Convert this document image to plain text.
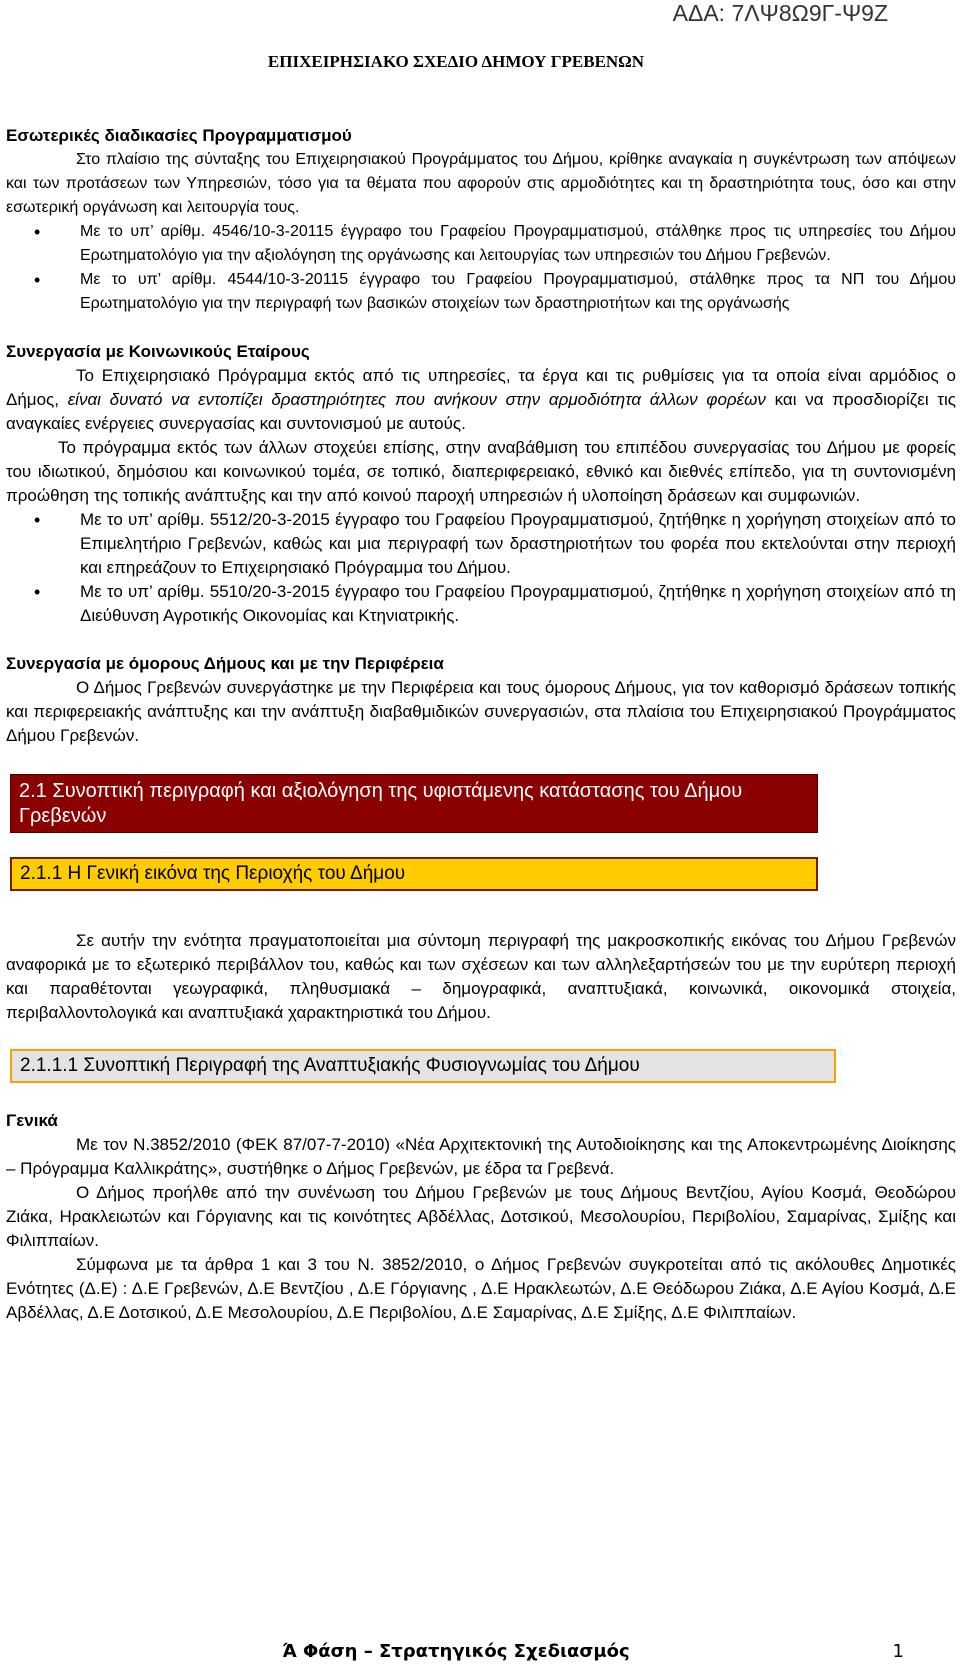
ΑΔΑ: 7ΛΨ8Ω9Γ-Ψ9Ζ
ΕΠΙΧΕΙΡΗΣΙΑΚΟ ΣΧΕΔΙΟ ΔΗΜΟΥ ΓΡΕΒΕΝΩΝ
Εσωτερικές διαδικασίες Προγραμματισμού

Στο πλαίσιο της σύνταξης του Επιχειρησιακού Προγράμματος του Δήμου, κρίθηκε αναγκαία η συγκέντρωση των απόψεων και των προτάσεων των Υπηρεσιών, τόσο για τα θέματα που αφορούν στις αρμοδιότητες και τη δραστηριότητα τους, όσο και στην εσωτερική οργάνωση και λειτουργία τους.

• Με το υπ’ αρίθμ. 4546/10-3-20115 έγγραφο του Γραφείου Προγραμματισμού, στάλθηκε προς τις υπηρεσίες του Δήμου Ερωτηματολόγιο για την αξιολόγηση της οργάνωσης και λειτουργίας των υπηρεσιών του Δήμου Γρεβενών.
• Με το υπ’ αρίθμ. 4544/10-3-20115 έγγραφο του Γραφείου Προγραμματισμού, στάλθηκε προς τα ΝΠ του Δήμου Ερωτηματολόγιο για την περιγραφή των βασικών στοιχείων των δραστηριοτήτων και της οργάνωσής
Συνεργασία με Κοινωνικούς Εταίρους

Το Επιχειρησιακό Πρόγραμμα εκτός από τις υπηρεσίες, τα έργα και τις ρυθμίσεις για τα οποία είναι αρμόδιος ο Δήμος, είναι δυνατό να εντοπίζει δραστηριότητες που ανήκουν στην αρμοδιότητα άλλων φορέων και να προσδιορίζει τις αναγκαίες ενέργειες συνεργασίας και συντονισμού με αυτούς.

Το πρόγραμμα εκτός των άλλων στοχεύει επίσης, στην αναβάθμιση του επιπέδου συνεργασίας του Δήμου με φορείς του ιδιωτικού, δημόσιου και κοινωνικού τομέα, σε τοπικό, διαπεριφερειακό, εθνικό και διεθνές επίπεδο, για τη συντονισμένη προώθηση της τοπικής ανάπτυξης και την από κοινού παροχή υπηρεσιών ή υλοποίηση δράσεων και συμφωνιών.

• Με το υπ’ αρίθμ. 5512/20-3-2015 έγγραφο του Γραφείου Προγραμματισμού, ζητήθηκε η χορήγηση στοιχείων από το Επιμελητήριο Γρεβενών, καθώς και μια περιγραφή των δραστηριοτήτων του φορέα που εκτελούνται στην περιοχή και επηρεάζουν το Επιχειρησιακό Πρόγραμμα του Δήμου.
• Με το υπ’ αρίθμ. 5510/20-3-2015 έγγραφο του Γραφείου Προγραμματισμού, ζητήθηκε η χορήγηση στοιχείων από τη Διεύθυνση Αγροτικής Οικονομίας και Κτηνιατρικής.
Συνεργασία με όμορους Δήμους και με την Περιφέρεια

Ο Δήμος Γρεβενών συνεργάστηκε με την Περιφέρεια και τους όμορους Δήμους, για τον καθορισμό δράσεων τοπικής και περιφερειακής ανάπτυξης και την ανάπτυξη διαβαθμιδικών συνεργασιών, στα πλαίσια του Επιχειρησιακού Προγράμματος Δήμου Γρεβενών.

2.1 Συνοπτική περιγραφή και αξιολόγηση της υφιστάμενης κατάστασης του Δήμου Γρεβενών
2.1.1 Η Γενική εικόνα της Περιοχής του Δήμου

Σε αυτήν την ενότητα πραγματοποιείται μια σύντομη περιγραφή της μακροσκοπικής εικόνας του Δήμου Γρεβενών αναφορικά με το εξωτερικό περιβάλλον του, καθώς και των σχέσεων και των αλληλεξαρτήσεών του με την ευρύτερη περιοχή και παραθέτονται γεωγραφικά, πληθυσμιακά – δημογραφικά, αναπτυξιακά, κοινωνικά, οικονομικά στοιχεία, περιβαλλοντολογικά και αναπτυξιακά χαρακτηριστικά του Δήμου.

2.1.1.1 Συνοπτική Περιγραφή της Αναπτυξιακής Φυσιογνωμίας του Δήμου
Γενικά

Με τον Ν.3852/2010 (ΦΕΚ 87/07-7-2010) «Νέα Αρχιτεκτονική της Αυτοδιοίκησης και της Αποκεντρωμένης Διοίκησης – Πρόγραμμα Καλλικράτης», συστήθηκε ο Δήμος Γρεβενών, με έδρα τα Γρεβενά.

Ο Δήμος προήλθε από την συνένωση του Δήμου Γρεβενών με τους Δήμους Βεντζίου, Αγίου Κοσμά, Θεοδώρου Ζιάκα, Ηρακλειωτών και Γόργιανης και τις κοινότητες Αβδέλλας, Δοτσικού, Μεσολουρίου, Περιβολίου, Σαμαρίνας, Σμίξης και Φιλιππαίων.

Σύμφωνα με τα άρθρα 1 και 3 του Ν. 3852/2010, ο Δήμος Γρεβενών συγκροτείται από τις ακόλουθες Δημοτικές Ενότητες (Δ.Ε) : Δ.Ε Γρεβενών, Δ.Ε Βεντζίου , Δ.Ε Γόργιανης , Δ.Ε Ηρακλεωτών, Δ.Ε Θεόδωρου Ζιάκα, Δ.Ε Αγίου Κοσμά, Δ.Ε Αβδέλλας, Δ.Ε Δοτσικού, Δ.Ε Μεσολουρίου, Δ.Ε Περιβολίου, Δ.Ε Σαμαρίνας, Δ.Ε Σμίξης, Δ.Ε Φιλιππαίων.

Ά Φάση – Στρατηγικός Σχεδιασμός	1
